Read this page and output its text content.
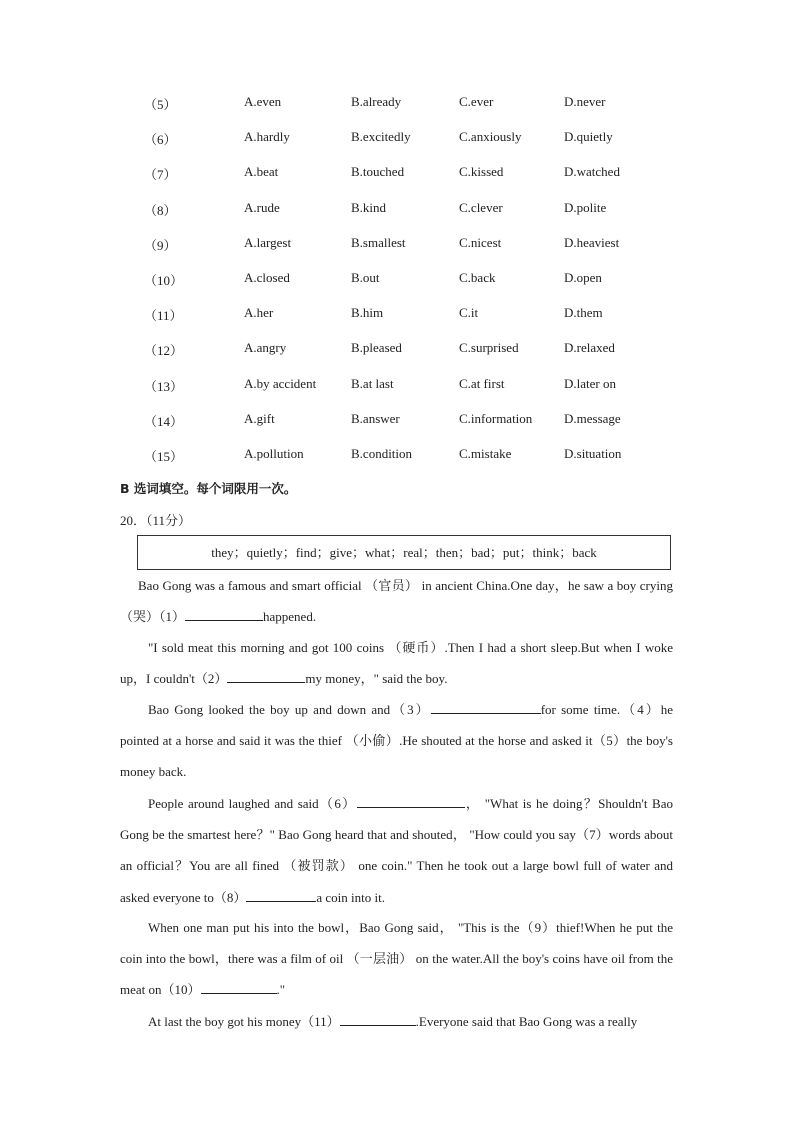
（5）	A.even	B.already	C.ever	D.never
（6）	A.hardly	B.excitedly	C.anxiously	D.quietly
（7）	A.beat	B.touched	C.kissed	D.watched
（8）	A.rude	B.kind	C.clever	D.polite
（9）	A.largest	B.smallest	C.nicest	D.heaviest
（10）	A.closed	B.out	C.back	D.open
（11）	A.her	B.him	C.it	D.them
（12）	A.angry	B.pleased	C.surprised	D.relaxed
（13）	A.by accident	B.at last	C.at first	D.later on
（14）	A.gift	B.answer	C.information D.message
（15）	A.pollution	B.condition	C.mistake	D.situation
B 选词填空。每个词限用一次。
20．（11分）
they；quietly；find；give；what；real；then；bad；put；think；back
Bao Gong was a famous and smart official （官员） in ancient China.One day，he saw a boy crying （哭）（1）	happened.
"I sold meat this morning and got 100 coins （硬币）.Then I had a short sleep.But when I woke up，I couldn't（2）	my money，" said the boy.
Bao Gong looked the boy up and down and（3）	for some time.（4）he pointed at a horse and said it was the thief （小偷）.He shouted at the horse and asked it（5）the boy's money back.
People around laughed and said（6）	， "What is he doing？Shouldn't Bao Gong be the smartest here？" Bao Gong heard that and shouted， "How could you say（7）words about an official？You are all fined （被罚款） one coin." Then he took out a large bowl full of water and asked everyone to（8）	a coin into it.
When one man put his into the bowl，Bao Gong said， "This is the（9）thief!When he put the coin into the bowl，there was a film of oil （一层油） on the water.All the boy's coins have oil from the meat on（10）	."
At last the boy got his money（11）	.Everyone said that Bao Gong was a really
